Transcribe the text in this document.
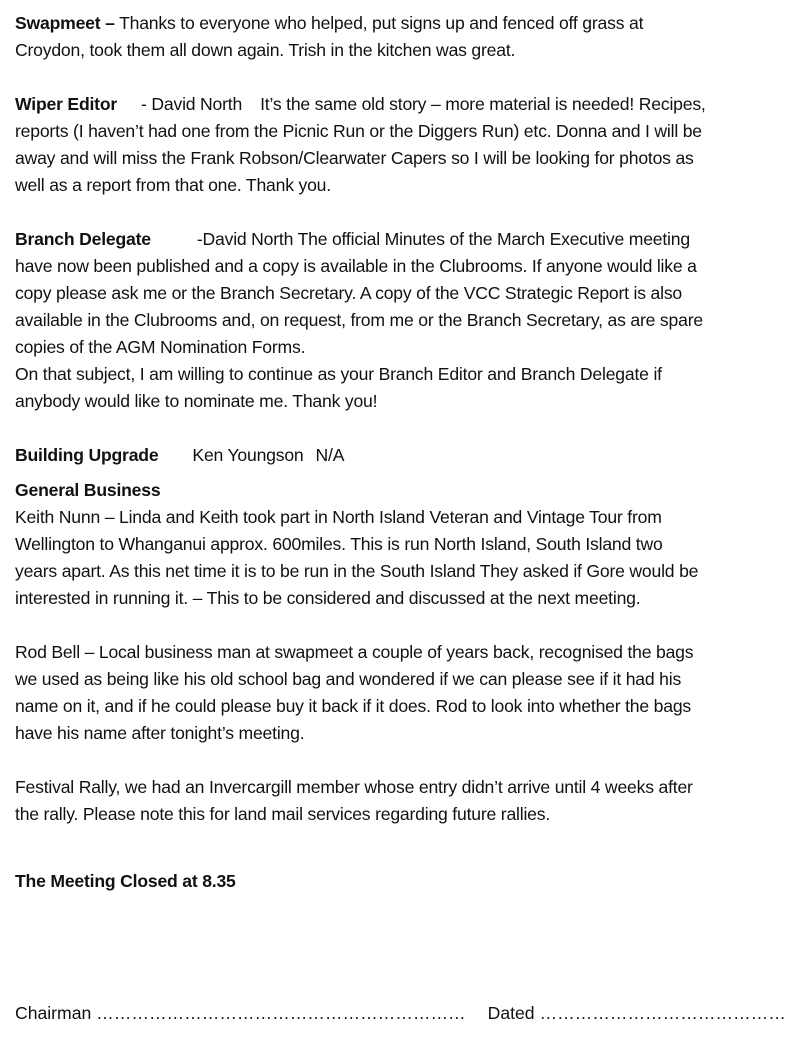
Swapmeet – Thanks to everyone who helped, put signs up and fenced off grass at Croydon, took them all down again. Trish in the kitchen was great.

Wiper Editor - David North It’s the same old story – more material is needed! Recipes, reports (I haven’t had one from the Picnic Run or the Diggers Run) etc. Donna and I will be away and will miss the Frank Robson/Clearwater Capers so I will be looking for photos as well as a report from that one. Thank you.

Branch Delegate	-David North The official Minutes of the March Executive meeting have now been published and a copy is available in the Clubrooms. If anyone would like a copy please ask me or the Branch Secretary. A copy of the VCC Strategic Report is also available in the Clubrooms and, on request, from me or the Branch Secretary, as are spare copies of the AGM Nomination Forms.
On that subject, I am willing to continue as your Branch Editor and Branch Delegate if anybody would like to nominate me. Thank you!

Building Upgrade Ken Youngson N/A

General Business

Keith Nunn – Linda and Keith took part in North Island Veteran and Vintage Tour from Wellington to Whanganui approx. 600miles. This is run North Island, South Island two years apart. As this net time it is to be run in the South Island They asked if Gore would be interested in running it. – This to be considered and discussed at the next meeting.

Rod Bell – Local business man at swapmeet a couple of years back, recognised the bags we used as being like his old school bag and wondered if we can please see if it had his name on it, and if he could please buy it back if it does. Rod to look into whether the bags have his name after tonight’s meeting.

Festival Rally, we had an Invercargill member whose entry didn’t arrive until 4 weeks after the rally. Please note this for land mail services regarding future rallies.

The Meeting Closed at 8.35

Chairman ……………………………………………………… Dated ……………………………………
